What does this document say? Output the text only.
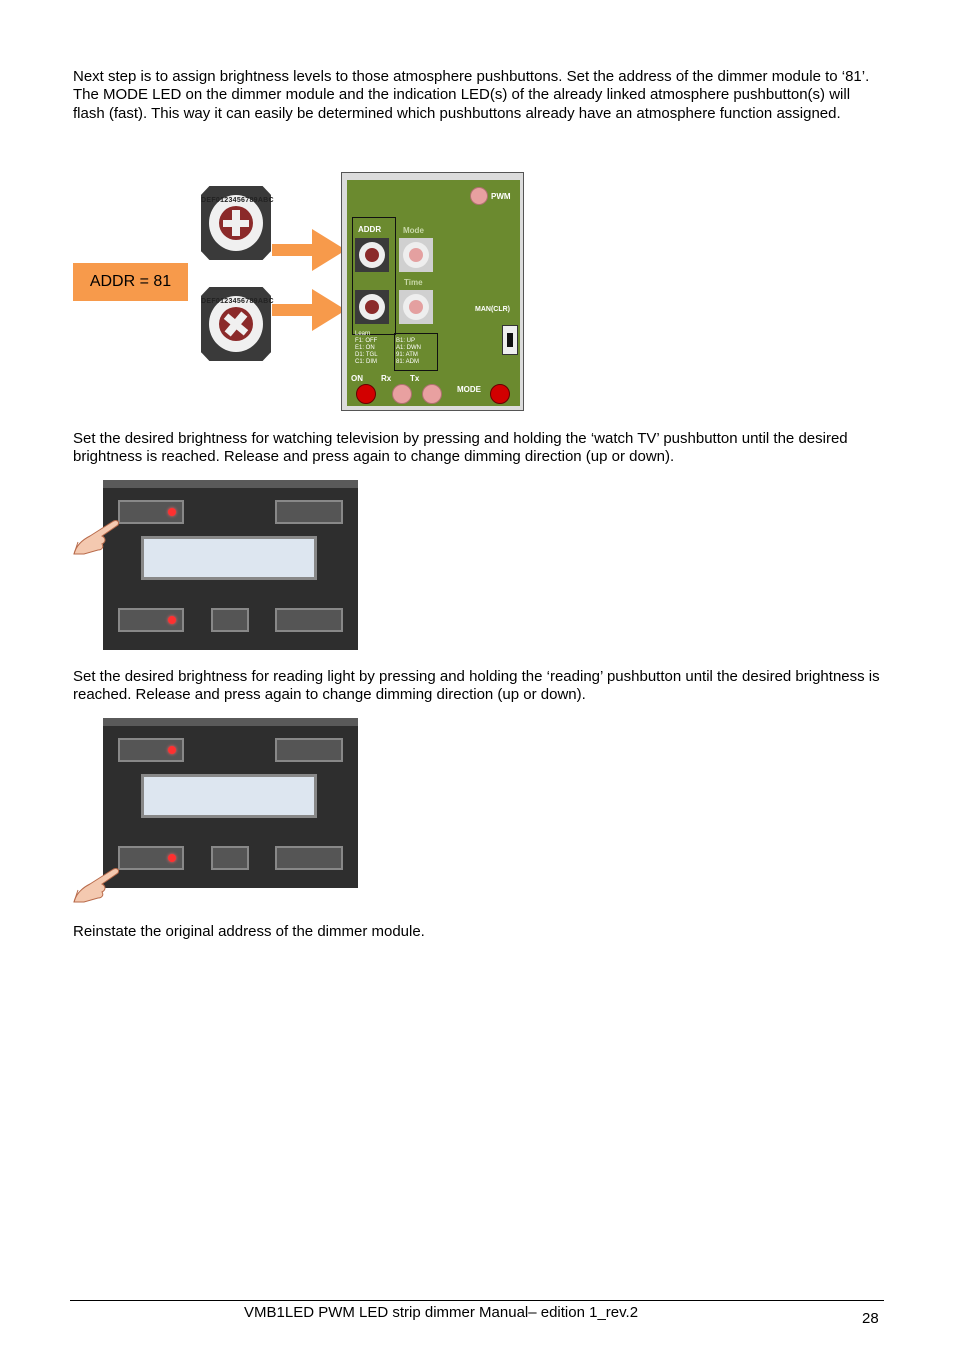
Next step is to assign brightness levels to those atmosphere pushbuttons. Set the address of the dimmer module to ‘81’. The MODE LED on the dimmer module and the indication LED(s) of the already linked atmosphere pushbutton(s) will flash (fast). This way it can easily be determined which pushbuttons already have an atmosphere function assigned.

ADDR = 81
DEF0123456789ABC
DEF0123456789ABC
PWM
ADDR	Mode
Time
MAN(CLR)
Learn
F1: OFF
E1: ON
D1: TGL
C1: DIM
B1: UP
A1: DWN
91: ATM
81: ADM
ON Rx Tx
MODE

Set the desired brightness for watching television by pressing and holding the ‘watch TV’ pushbutton until the desired brightness is reached. Release and press again to change dimming direction (up or down).

Set the desired brightness for reading light by pressing and holding the ‘reading’ pushbutton until the desired brightness is reached. Release and press again to change dimming direction (up or down).

Reinstate the original address of the dimmer module.

VMB1LED PWM LED strip dimmer Manual– edition 1_rev.2	28
